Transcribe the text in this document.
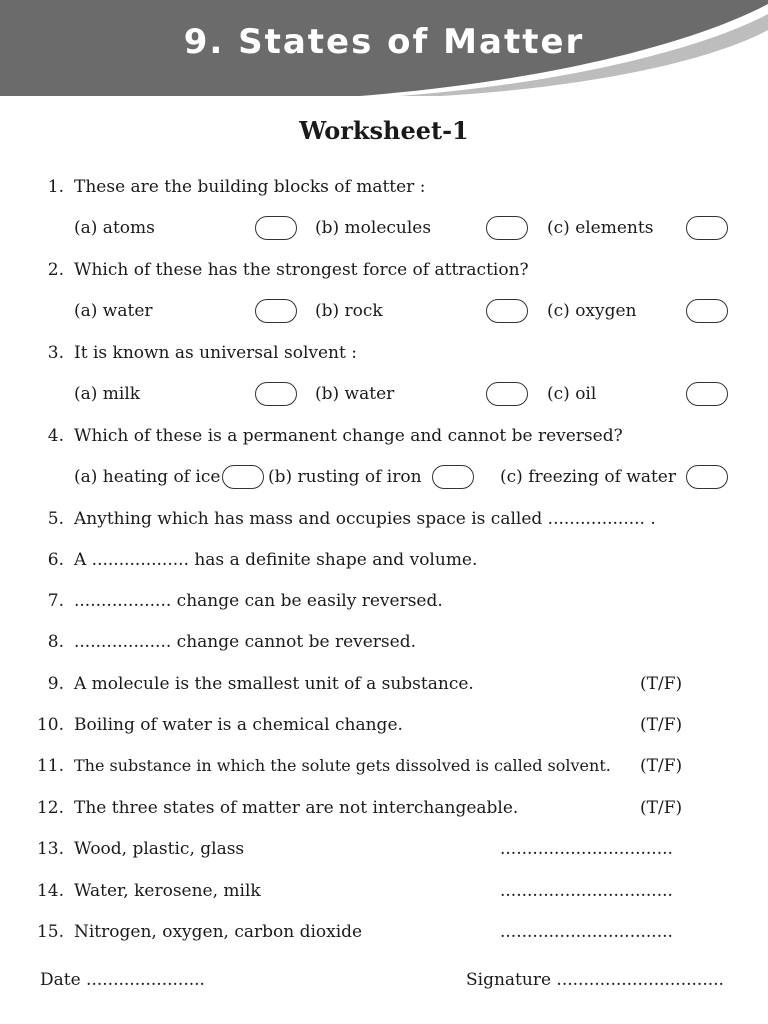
9. States of Matter
Worksheet-1
1. These are the building blocks of matter :
(a) atoms	(b) molecules	(c) elements
2. Which of these has the strongest force of attraction?
(a) water	(b) rock	(c) oxygen
3. It is known as universal solvent :
(a) milk	(b) water	(c) oil
4. Which of these is a permanent change and cannot be reversed?
(a) heating of ice	(b) rusting of iron	(c) freezing of water
5. Anything which has mass and occupies space is called .................. .
6. A .................. has a definite shape and volume.
7. .................. change can be easily reversed.
8. .................. change cannot be reversed.
9. A molecule is the smallest unit of a substance.	(T/F)
10. Boiling of water is a chemical change.	(T/F)
11. The substance in which the solute gets dissolved is called solvent. (T/F)
12. The three states of matter are not interchangeable.	(T/F)
13. Wood, plastic, glass	................................
14. Water, kerosene, milk	................................
15. Nitrogen, oxygen, carbon dioxide	................................
Date ......................	Signature ...............................
